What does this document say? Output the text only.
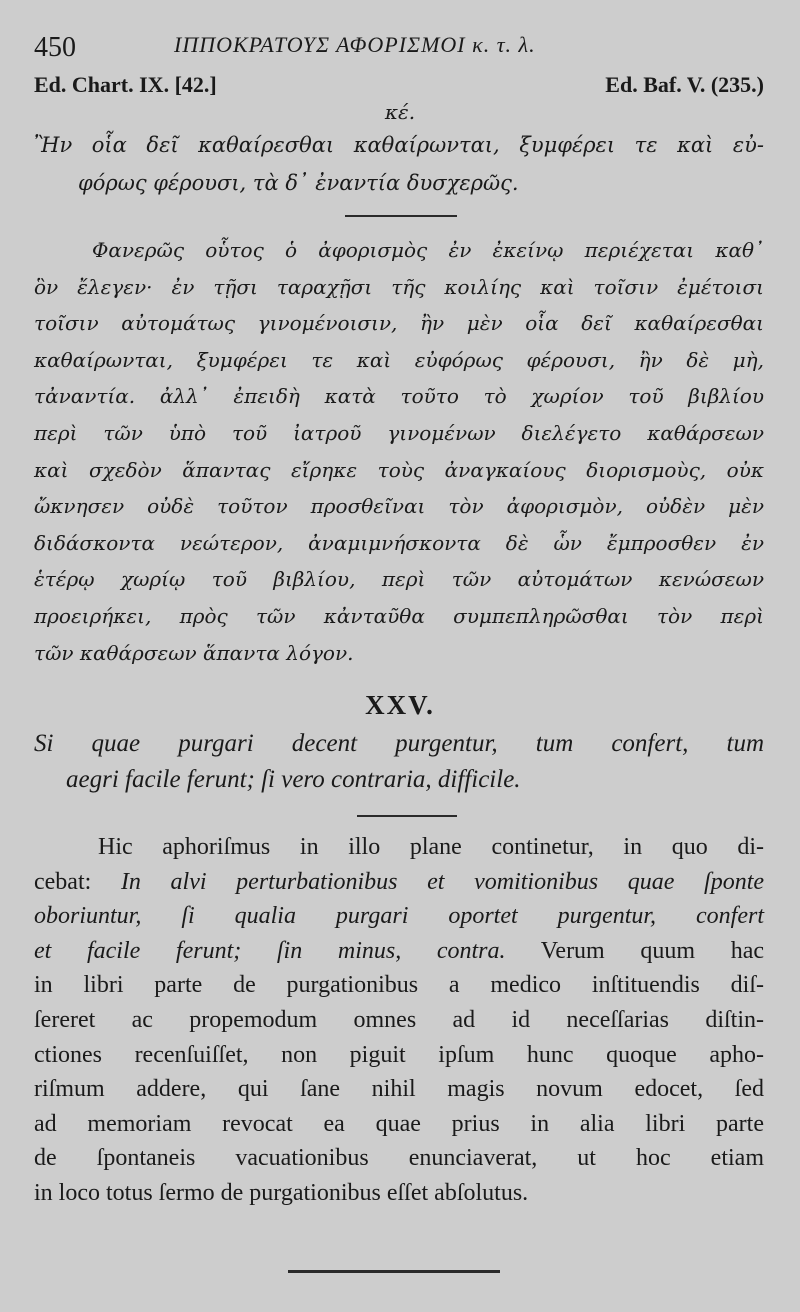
450	ΙΠΠΟΚΡΑΤΟΥΣ ΑΦΟΡΙΣΜΟΙ κ. τ. λ.
Ed. Chart. IX. [42.]	Ed. Baf. V. (235.)
κέ.
Ἢν οἷα δεῖ καθαίρεσθαι καθαίρωνται, ξυμφέρει τε καὶ εὐ-
φόρως φέρουσι, τὰ δ᾽ ἐναντία δυσχερῶς.
Φανερῶς οὗτος ὁ ἀφορισμὸς ἐν ἐκείνῳ περιέχεται καθ᾽
ὃν ἔλεγεν· ἐν τῇσι ταραχῇσι τῆς κοιλίης καὶ τοῖσιν ἐμέτοισι
τοῖσιν αὐτομάτως γινομένοισιν, ἢν μὲν οἷα δεῖ καθαίρεσθαι
καθαίρωνται, ξυμφέρει τε καὶ εὐφόρως φέρουσι, ἢν δὲ μὴ,
τἀναντία. ἀλλ᾽ ἐπειδὴ κατὰ τοῦτο τὸ χωρίον τοῦ βιβλίου
περὶ τῶν ὑπὸ τοῦ ἰατροῦ γινομένων διελέγετο καθάρσεων
καὶ σχεδὸν ἅπαντας εἴρηκε τοὺς ἀναγκαίους διορισμοὺς, οὐκ
ὤκνησεν οὐδὲ τοῦτον προσθεῖναι τὸν ἀφορισμὸν, οὐδὲν μὲν
διδάσκοντα νεώτερον, ἀναμιμνήσκοντα δὲ ὧν ἔμπροσθεν ἐν
ἑτέρῳ χωρίῳ τοῦ βιβλίου, περὶ τῶν αὐτομάτων κενώσεων
προειρήκει, πρὸς τῶν κἀνταῦθα συμπεπληρῶσθαι τὸν περὶ
τῶν καθάρσεων ἅπαντα λόγον.
XXV.
Si quae purgari decent purgentur, tum confert, tum
aegri facile ferunt; ſi vero contraria, difficile.
Hic aphoriſmus in illo plane continetur, in quo di-
cebat: In alvi perturbationibus et vomitionibus quae ſponte
oboriuntur, ſi qualia purgari oportet purgentur, confert
et facile ferunt; ſin minus, contra. Verum quum hac
in libri parte de purgationibus a medico inſtituendis diſ-
ſereret ac propemodum omnes ad id neceſſarias diſtin-
ctiones recenſuiſſet, non piguit ipſum hunc quoque apho-
riſmum addere, qui ſane nihil magis novum edocet, ſed
ad memoriam revocat ea quae prius in alia libri parte
de ſpontaneis vacuationibus enunciaverat, ut hoc etiam
in loco totus ſermo de purgationibus eſſet abſolutus.
